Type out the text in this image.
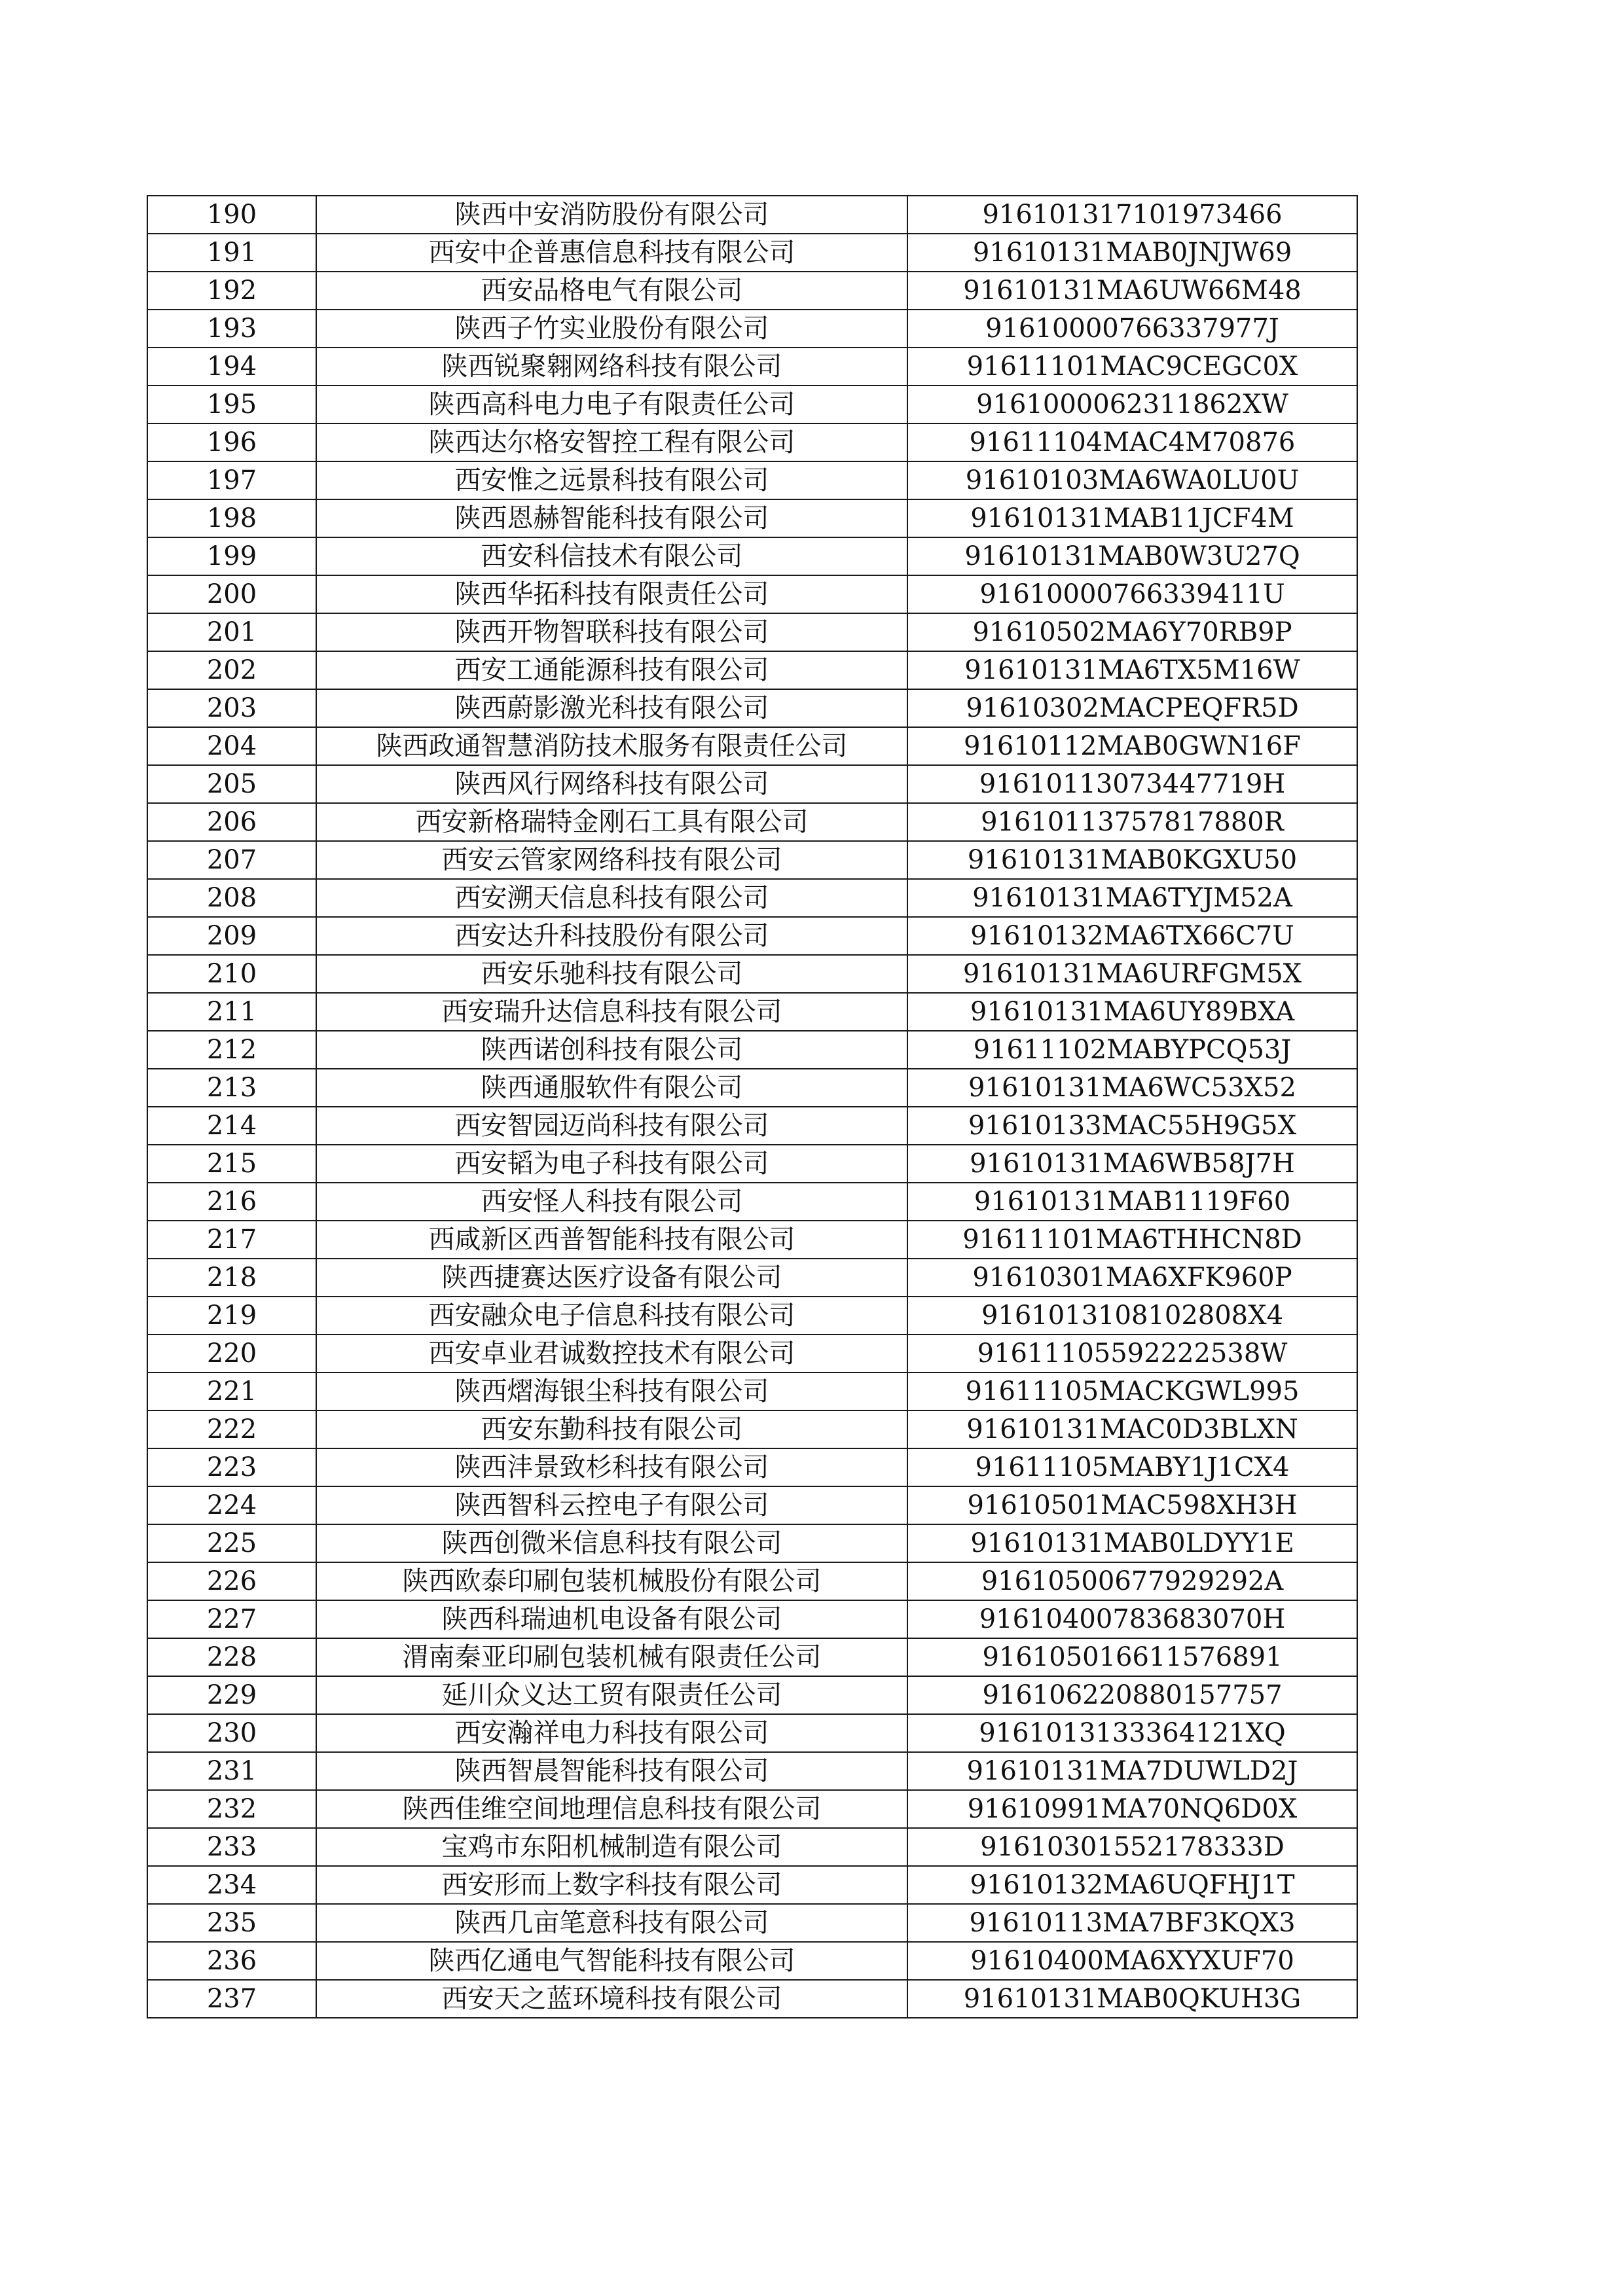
190	陕西中安消防股份有限公司	916101317101973466
191	西安中企普惠信息科技有限公司	91610131MAB0JNJW69
192	西安品格电气有限公司	91610131MA6UW66M48
193	陕西子竹实业股份有限公司	91610000766337977J
194	陕西锐聚翱网络科技有限公司	91611101MAC9CEGC0X
195	陕西高科电力电子有限责任公司	9161000062311862XW
196	陕西达尔格安智控工程有限公司	91611104MAC4M70876
197	西安惟之远景科技有限公司	91610103MA6WA0LU0U
198	陕西恩赫智能科技有限公司	91610131MAB11JCF4M
199	西安科信技术有限公司	91610131MAB0W3U27Q
200	陕西华拓科技有限责任公司	91610000766339411U
201	陕西开物智联科技有限公司	91610502MA6Y70RB9P
202	西安工通能源科技有限公司	91610131MA6TX5M16W
203	陕西蔚影激光科技有限公司	91610302MACPEQFR5D
204	陕西政通智慧消防技术服务有限责任公司	91610112MAB0GWN16F
205	陕西风行网络科技有限公司	91610113073447719H
206	西安新格瑞特金刚石工具有限公司	91610113757817880R
207	西安云管家网络科技有限公司	91610131MAB0KGXU50
208	西安溯天信息科技有限公司	91610131MA6TYJM52A
209	西安达升科技股份有限公司	91610132MA6TX66C7U
210	西安乐驰科技有限公司	91610131MA6URFGM5X
211	西安瑞升达信息科技有限公司	91610131MA6UY89BXA
212	陕西诺创科技有限公司	91611102MABYPCQ53J
213	陕西通服软件有限公司	91610131MA6WC53X52
214	西安智园迈尚科技有限公司	91610133MAC55H9G5X
215	西安韬为电子科技有限公司	91610131MA6WB58J7H
216	西安怪人科技有限公司	91610131MAB1119F60
217	西咸新区西普智能科技有限公司	91611101MA6THHCN8D
218	陕西捷赛达医疗设备有限公司	91610301MA6XFK960P
219	西安融众电子信息科技有限公司	9161013108102808X4
220	西安卓业君诚数控技术有限公司	91611105592222538W
221	陕西熠海银尘科技有限公司	91611105MACKGWL995
222	西安东勤科技有限公司	91610131MAC0D3BLXN
223	陕西沣景致杉科技有限公司	91611105MABY1J1CX4
224	陕西智科云控电子有限公司	91610501MAC598XH3H
225	陕西创微米信息科技有限公司	91610131MAB0LDYY1E
226	陕西欧泰印刷包装机械股份有限公司	91610500677929292A
227	陕西科瑞迪机电设备有限公司	91610400783683070H
228	渭南秦亚印刷包装机械有限责任公司	916105016611576891
229	延川众义达工贸有限责任公司	916106220880157757
230	西安瀚祥电力科技有限公司	9161013133364121XQ
231	陕西智晨智能科技有限公司	91610131MA7DUWLD2J
232	陕西佳维空间地理信息科技有限公司	91610991MA70NQ6D0X
233	宝鸡市东阳机械制造有限公司	91610301552178333D
234	西安形而上数字科技有限公司	91610132MA6UQFHJ1T
235	陕西几亩笔意科技有限公司	91610113MA7BF3KQX3
236	陕西亿通电气智能科技有限公司	91610400MA6XYXUF70
237	西安天之蓝环境科技有限公司	91610131MAB0QKUH3G
